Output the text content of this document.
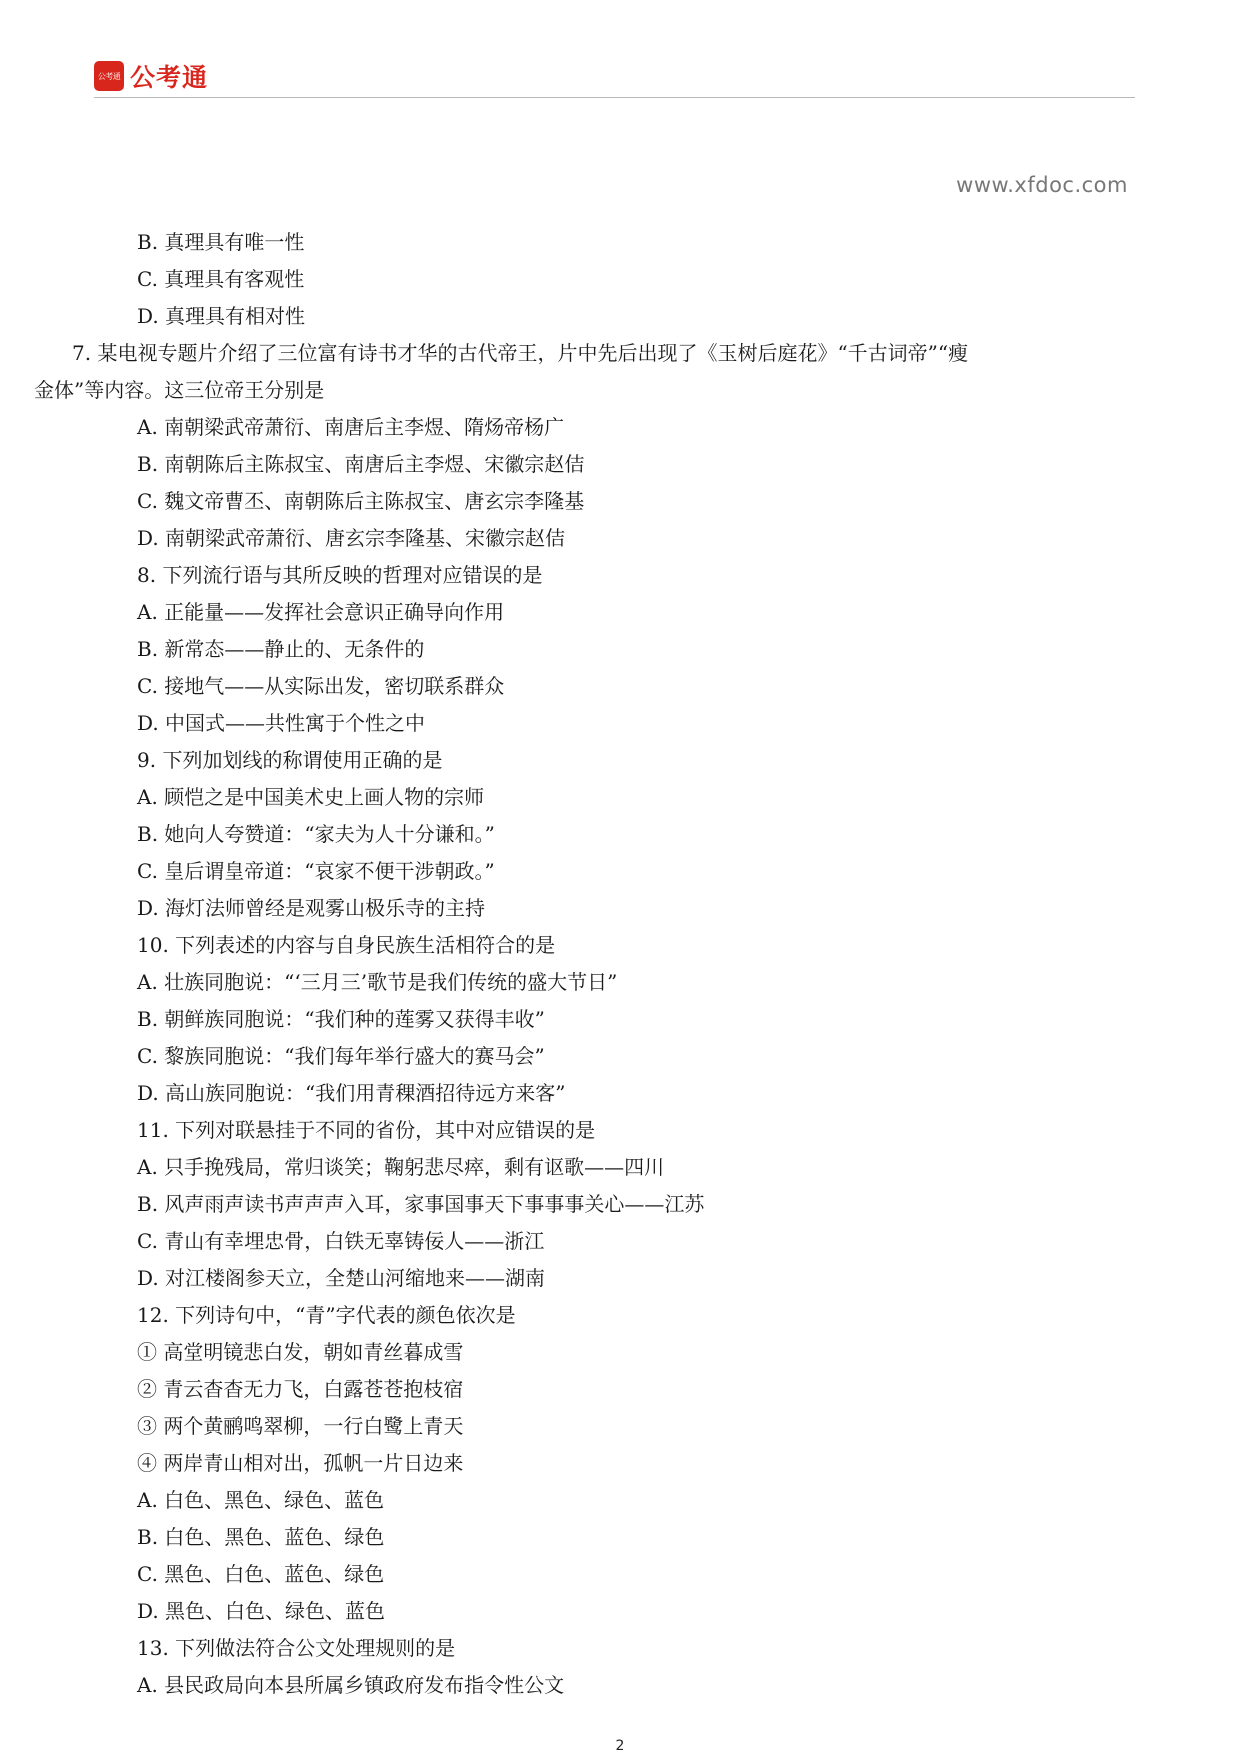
公考通 公考通
www.xfdoc.com
B. 真理具有唯一性
C. 真理具有客观性
D. 真理具有相对性
7. 某电视专题片介绍了三位富有诗书才华的古代帝王，片中先后出现了《玉树后庭花》“千古词帝”“瘦
金体”等内容。这三位帝王分别是
A. 南朝梁武帝萧衍、南唐后主李煜、隋炀帝杨广
B. 南朝陈后主陈叔宝、南唐后主李煜、宋徽宗赵佶
C. 魏文帝曹丕、南朝陈后主陈叔宝、唐玄宗李隆基
D. 南朝梁武帝萧衍、唐玄宗李隆基、宋徽宗赵佶
8. 下列流行语与其所反映的哲理对应错误的是
A. 正能量——发挥社会意识正确导向作用
B. 新常态——静止的、无条件的
C. 接地气——从实际出发，密切联系群众
D. 中国式——共性寓于个性之中
9. 下列加划线的称谓使用正确的是
A. 顾恺之是中国美术史上画人物的宗师
B. 她向人夸赞道：“家夫为人十分谦和。”
C. 皇后谓皇帝道：“哀家不便干涉朝政。”
D. 海灯法师曾经是观雾山极乐寺的主持
10. 下列表述的内容与自身民族生活相符合的是
A. 壮族同胞说：“‘三月三’歌节是我们传统的盛大节日”
B. 朝鲜族同胞说：“我们种的莲雾又获得丰收”
C. 黎族同胞说：“我们每年举行盛大的赛马会”
D. 高山族同胞说：“我们用青稞酒招待远方来客”
11. 下列对联悬挂于不同的省份，其中对应错误的是
A. 只手挽残局，常归谈笑；鞠躬悲尽瘁，剩有讴歌——四川
B. 风声雨声读书声声声入耳，家事国事天下事事事关心——江苏
C. 青山有幸埋忠骨，白铁无辜铸佞人——浙江
D. 对江楼阁参天立，全楚山河缩地来——湖南
12. 下列诗句中，“青”字代表的颜色依次是
① 高堂明镜悲白发，朝如青丝暮成雪
② 青云杳杳无力飞，白露苍苍抱枝宿
③ 两个黄鹂鸣翠柳，一行白鹭上青天
④ 两岸青山相对出，孤帆一片日边来
A. 白色、黑色、绿色、蓝色
B. 白色、黑色、蓝色、绿色
C. 黑色、白色、蓝色、绿色
D. 黑色、白色、绿色、蓝色
13. 下列做法符合公文处理规则的是
A. 县民政局向本县所属乡镇政府发布指令性公文
2
